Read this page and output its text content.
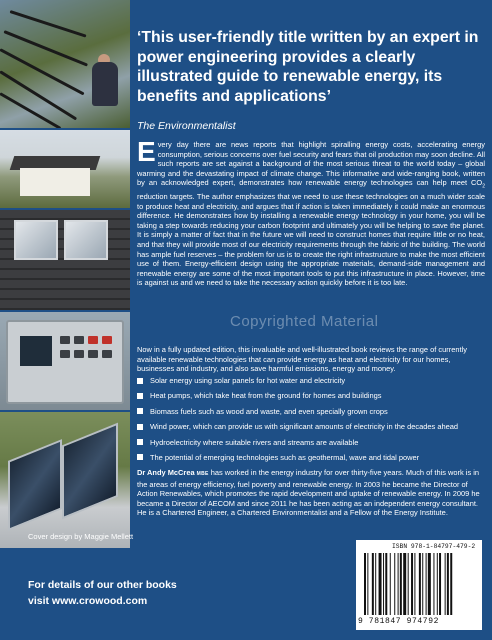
‘This user-friendly title written by an expert in power engineering provides a clearly illustrated guide to renewable energy, its benefits and applications’
The Environmentalist
Every day there are news reports that highlight spiralling energy costs, accelerating energy consumption, serious concerns over fuel security and fears that oil production may soon decline. All such reports are set against a background of the most serious threat to the world today – global warming and the devastating impact of climate change. This informative and wide-ranging book, written by an acknowledged expert, demonstrates how renewable energy technologies can help meet $CO_2$ reduction targets. The author emphasizes that we need to use these technologies on a much wider scale to produce heat and electricity, and argues that if action is taken immediately it could make an enormous difference. He demonstrates how by installing a renewable energy technology in your home, you will be taking a step towards reducing your carbon footprint and ultimately you will be helping to save the planet. It is simply a matter of fact that in the future we will need to construct homes that require little or no heat, and that they will provide most of our electricity requirements through the fabric of the building. The world has ample fuel reserves – the problem for us is to create the right infrastructure to make the most efficient use of them. Energy-efficient design using the appropriate materials, demand-side management and renewable energy are some of the most important tools to put this infrastructure in place. However, time is against us and we need to take the necessary action quickly before it is too late.
Copyrighted Material
Now in a fully updated edition, this invaluable and well-illustrated book reviews the range of currently available renewable technologies that can provide energy as heat and electricity for our homes, businesses and industry, and also save harmful emissions, energy and money.
Solar energy using solar panels for hot water and electricity
Heat pumps, which take heat from the ground for homes and buildings
Biomass fuels such as wood and waste, and even specially grown crops
Wind power, which can provide us with significant amounts of electricity in the decades ahead
Hydroelectricity where suitable rivers and streams are available
The potential of emerging technologies such as geothermal, wave and tidal power
Dr Andy McCrea MBE has worked in the energy industry for over thirty-five years. Much of this work is in the areas of energy efficiency, fuel poverty and renewable energy. In 2003 he became the Director of Action Renewables, which promotes the rapid development and uptake of renewable energy. In 2009 he became a Director of AECOM and since 2011 he has been acting as an independent energy consultant. He is a Chartered Engineer, a Chartered Environmentalist and a Fellow of the Energy Institute.
Cover design by Maggie Mellett
For details of our other books
visit www.crowood.com
ISBN 978-1-84797-479-2
9 781847 974792
